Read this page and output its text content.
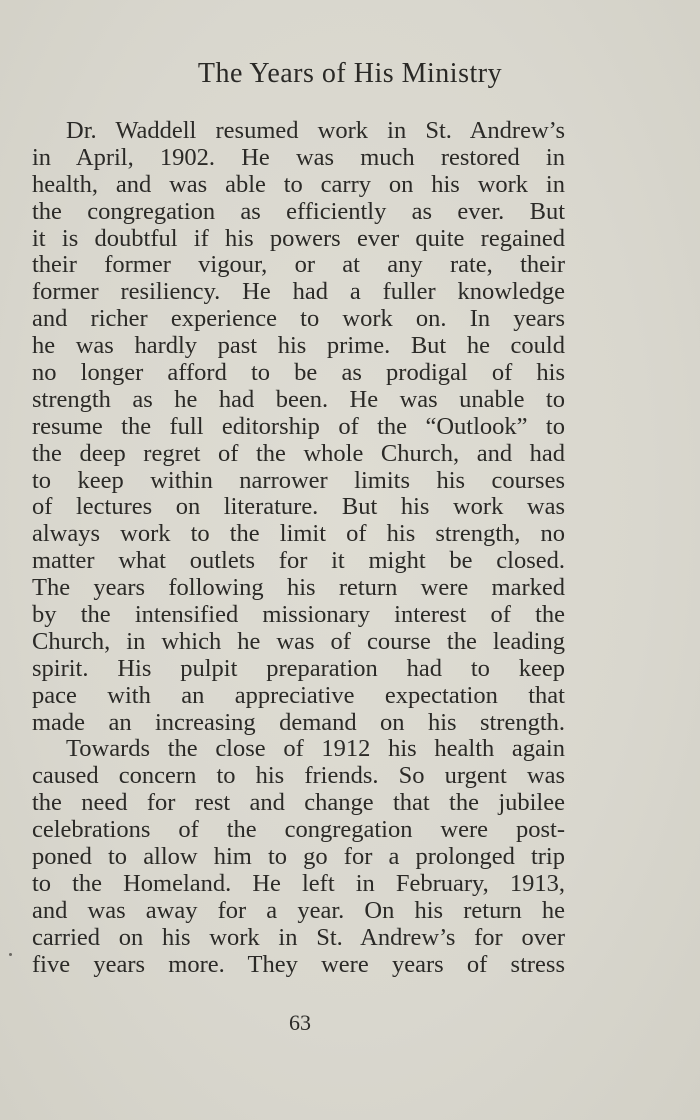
The Years of His Ministry
Dr. Waddell resumed work in St. Andrew’s
in April, 1902. He was much restored in
health, and was able to carry on his work in
the congregation as efficiently as ever. But
it is doubtful if his powers ever quite regained
their former vigour, or at any rate, their
former resiliency. He had a fuller knowledge
and richer experience to work on. In years
he was hardly past his prime. But he could
no longer afford to be as prodigal of his
strength as he had been. He was unable to
resume the full editorship of the “Outlook” to
the deep regret of the whole Church, and had
to keep within narrower limits his courses
of lectures on literature. But his work was
always work to the limit of his strength, no
matter what outlets for it might be closed.
The years following his return were marked
by the intensified missionary interest of the
Church, in which he was of course the leading
spirit. His pulpit preparation had to keep
pace with an appreciative expectation that
made an increasing demand on his strength.
Towards the close of 1912 his health again
caused concern to his friends. So urgent was
the need for rest and change that the jubilee
celebrations of the congregation were post-
poned to allow him to go for a prolonged trip
to the Homeland. He left in February, 1913,
and was away for a year. On his return he
carried on his work in St. Andrew’s for over
five years more. They were years of stress
63
